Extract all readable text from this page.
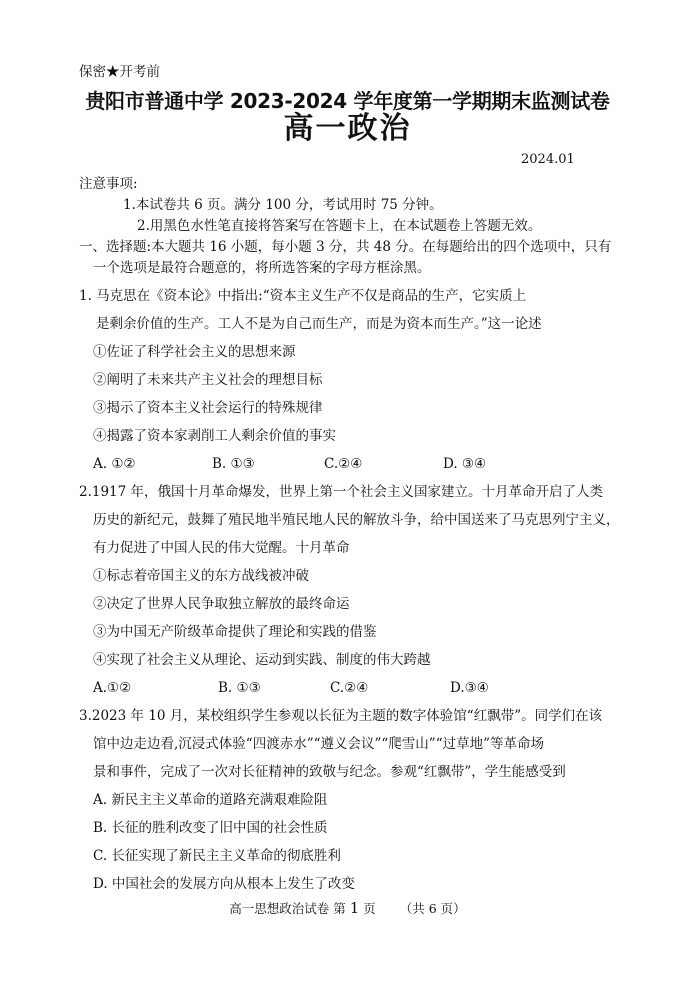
保密★开考前
贵阳市普通中学 2023-2024 学年度第一学期期末监测试卷
高一政治
2024.01
注意事项:
1.本试卷共 6 页。满分 100 分，考试用时 75 分钟。
2.用黑色水性笔直接将答案写在答题卡上，在本试题卷上答题无效。
一、选择题:本大题共 16 小题，每小题 3 分，共 48 分。在每题给出的四个选项中，只有
一个选项是最符合题意的，将所选答案的字母方框涂黑。
1. 马克思在《资本论》中指出:“资本主义生产不仅是商品的生产，它实质上
是剩余价值的生产。工人不是为自己而生产，而是为资本而生产。”这一论述
①佐证了科学社会主义的思想来源
②阐明了未来共产主义社会的理想目标
③揭示了资本主义社会运行的特殊规律
④揭露了资本家剥削工人剩余价值的事实
A. ①②	B. ①③	C.②④	D. ③④
2.1917 年，俄国十月革命爆发，世界上第一个社会主义国家建立。十月革命开启了人类
历史的新纪元，鼓舞了殖民地半殖民地人民的解放斗争，给中国送来了马克思列宁主义，
有力促进了中国人民的伟大觉醒。十月革命
①标志着帝国主义的东方战线被冲破
②决定了世界人民争取独立解放的最终命运
③为中国无产阶级革命提供了理论和实践的借鉴
④实现了社会主义从理论、运动到实践、制度的伟大跨越
A.①②	B. ①③	C.②④	D.③④
3.2023 年 10 月，某校组织学生参观以长征为主题的数字体验馆“红飘带”。同学们在该
馆中边走边看,沉浸式体验“四渡赤水”“遵义会议”“爬雪山”“过草地”等革命场
景和事件，完成了一次对长征精神的致敬与纪念。参观“红飘带”，学生能感受到
A. 新民主主义革命的道路充满艰难险阻
B. 长征的胜利改变了旧中国的社会性质
C. 长征实现了新民主主义革命的彻底胜利
D. 中国社会的发展方向从根本上发生了改变
高一思想政治试卷 第 1 页 （共 6 页）
